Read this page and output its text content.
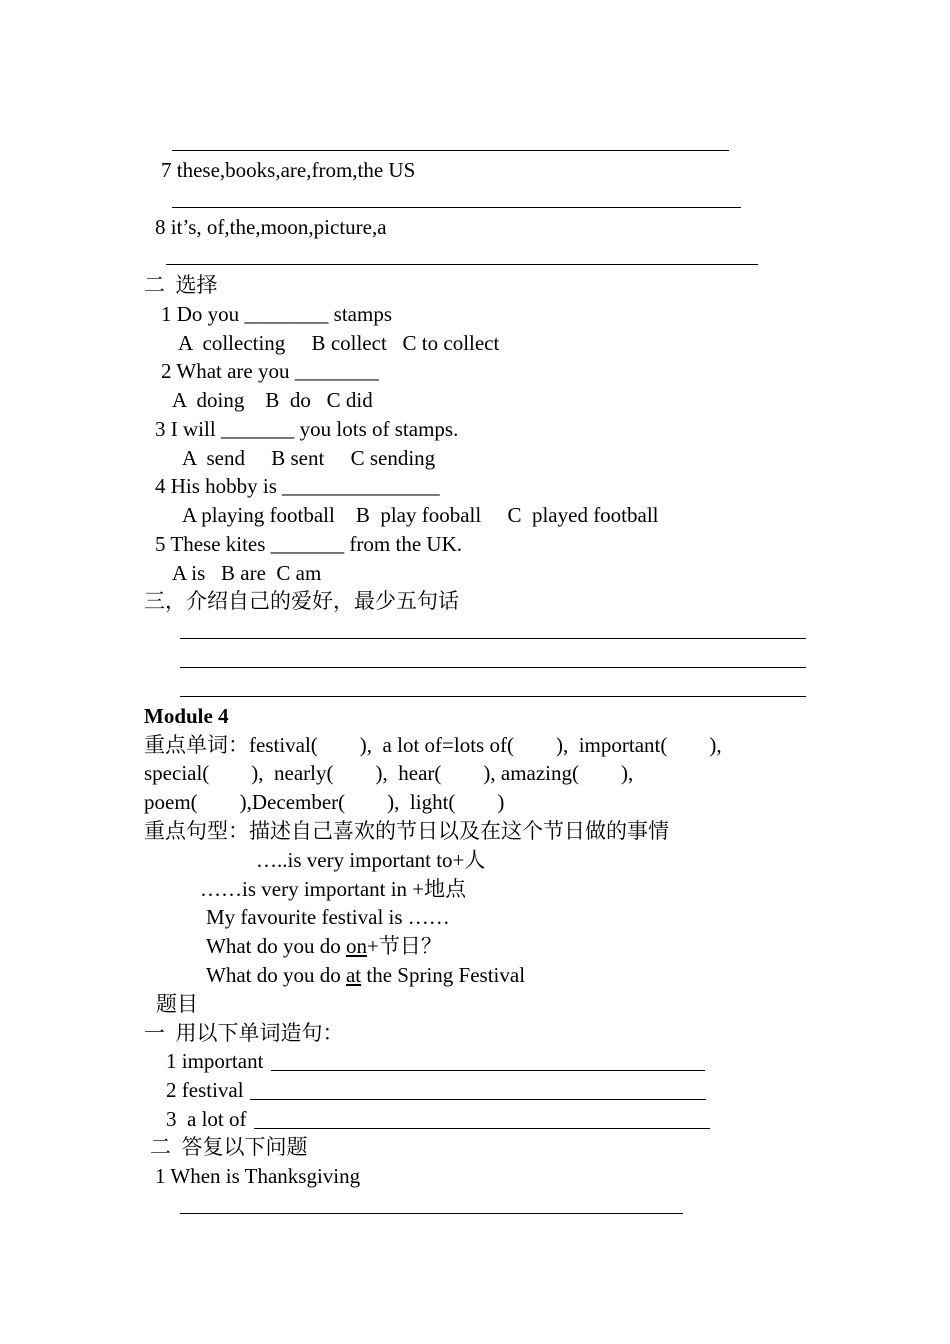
7 these,books,are,from,the US
8 it’s, of,the,moon,picture,a
二  选择
1 Do you ________ stamps
A  collecting     B collect   C to collect
2 What are you ________
A  doing    B  do   C did
3 I will _______ you lots of stamps.
A  send     B sent     C sending
4 His hobby is _______________
A playing football    B  play fooball     C  played football
5 These kites _______ from the UK.
A is   B are  C am
三，介绍自己的爱好，最少五句话
Module 4
重点单词：festival(        ),  a lot of=lots of(        ),  important(        ),
special(        ),  nearly(        ),  hear(        ), amazing(        ),
poem(        ),December(        ),  light(        )
重点句型：描述自己喜欢的节日以及在这个节日做的事情
…..is very important to+人
……is very important in +地点
My favourite festival is ……
What do you do on+节日？
What do you do at the Spring Festival
题目
一  用以下单词造句：
1 important
2 festival
3  a lot of
二  答复以下问题
1 When is Thanksgiving
